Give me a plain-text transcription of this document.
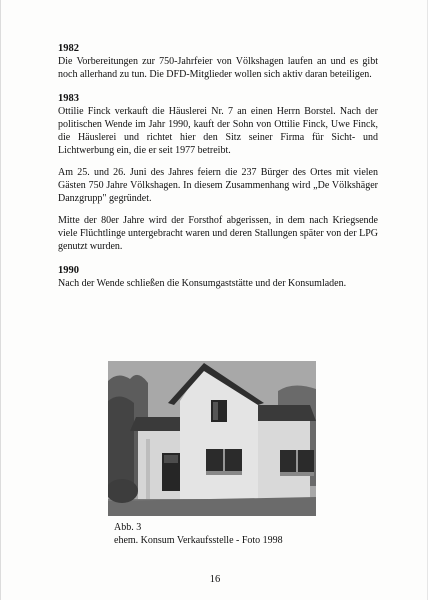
1982

Die Vorbereitungen zur 750-Jahrfeier von Völkshagen laufen an und es gibt noch allerhand zu tun. Die DFD-Mitglieder wollen sich aktiv daran beteiligen.

1983

Ottilie Finck verkauft die Häuslerei Nr. 7 an einen Herrn Borstel. Nach der politischen Wende im Jahr 1990, kauft der Sohn von Ottilie Finck, Uwe Finck, die Häuslerei und richtet hier den Sitz seiner Firma für Sicht- und Lichtwerbung ein, die er seit 1977 betreibt.

Am 25. und 26. Juni des Jahres feiern die 237 Bürger des Ortes mit vielen Gästen 750 Jahre Völkshagen. In diesem Zusammenhang wird „De Völkshäger Danzgrupp" gegründet.

Mitte der 80er Jahre wird der Forsthof abgerissen, in dem nach Kriegsende viele Flüchtlinge untergebracht waren und deren Stallungen später von der LPG genutzt wurden.

1990

Nach der Wende schließen die Konsumgaststätte und der Konsumladen.

Abb. 3
ehem. Konsum Verkaufsstelle - Foto 1998

16
